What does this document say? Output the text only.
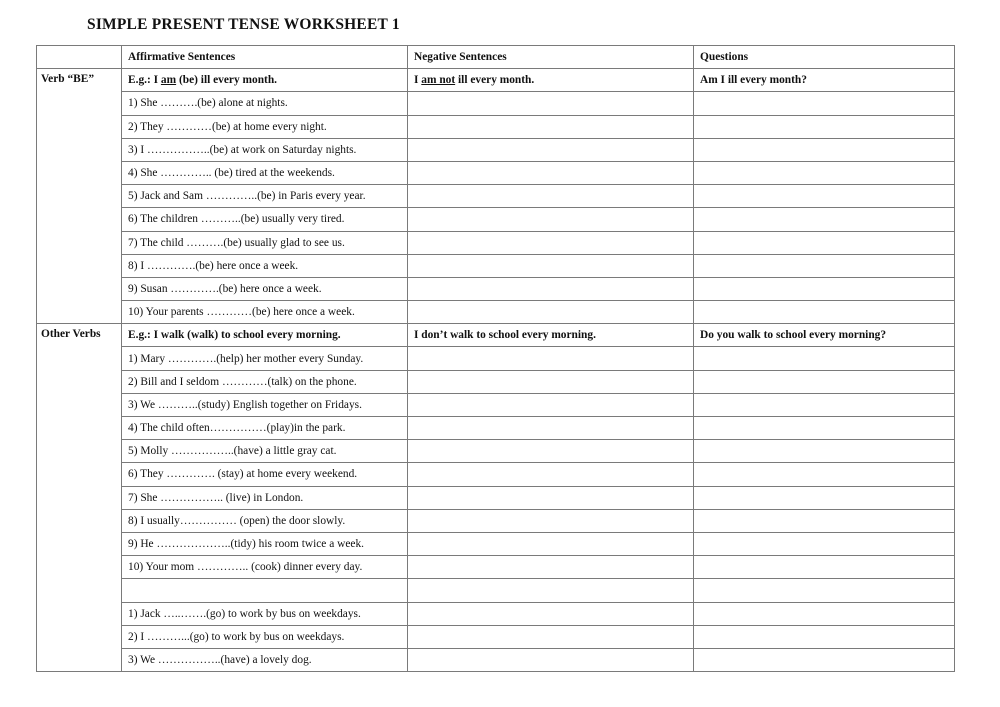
SIMPLE PRESENT TENSE WORKSHEET 1
	Affirmative Sentences	Negative Sentences	Questions
Verb “BE”	E.g.: I am (be) ill every month.	I am not ill every month.	Am I ill every month?
	1) She ……….(be) alone at nights.		
	2) They …………(be) at home every night.		
	3) I ……………..(be) at work on Saturday nights.		
	4) She ………….. (be) tired at the weekends.		
	5) Jack and Sam …………..(be) in Paris every year.		
	6) The children ………..(be) usually very tired.		
	7) The child ……….(be) usually glad to see us.		
	8) I ………….(be) here once a week.		
	9) Susan ………….(be) here once a week.		
	10) Your parents …………(be) here once a week.		
Other Verbs	E.g.: I walk (walk) to school every morning.	I don’t walk to school every morning.	Do you walk to school every morning?
	1) Mary ………….(help) her mother every Sunday.		
	2) Bill and I seldom …………(talk) on the phone.		
	3) We ………..(study) English together on Fridays.		
	4) The child often……………(play)in the park.		
	5) Molly ……………..(have) a little gray cat.		
	6) They …………. (stay) at home every weekend.		
	7) She …………….. (live) in London.		
	8) I usually…………… (open) the door slowly.		
	9) He ………………..(tidy) his room twice a week.		
	10) Your mom ………….. (cook) dinner every day.		

	1) Jack …..…….(go) to work by bus on weekdays.		
	2) I ………...(go) to work by bus on weekdays.		
	3) We ……………..(have) a lovely dog.		
